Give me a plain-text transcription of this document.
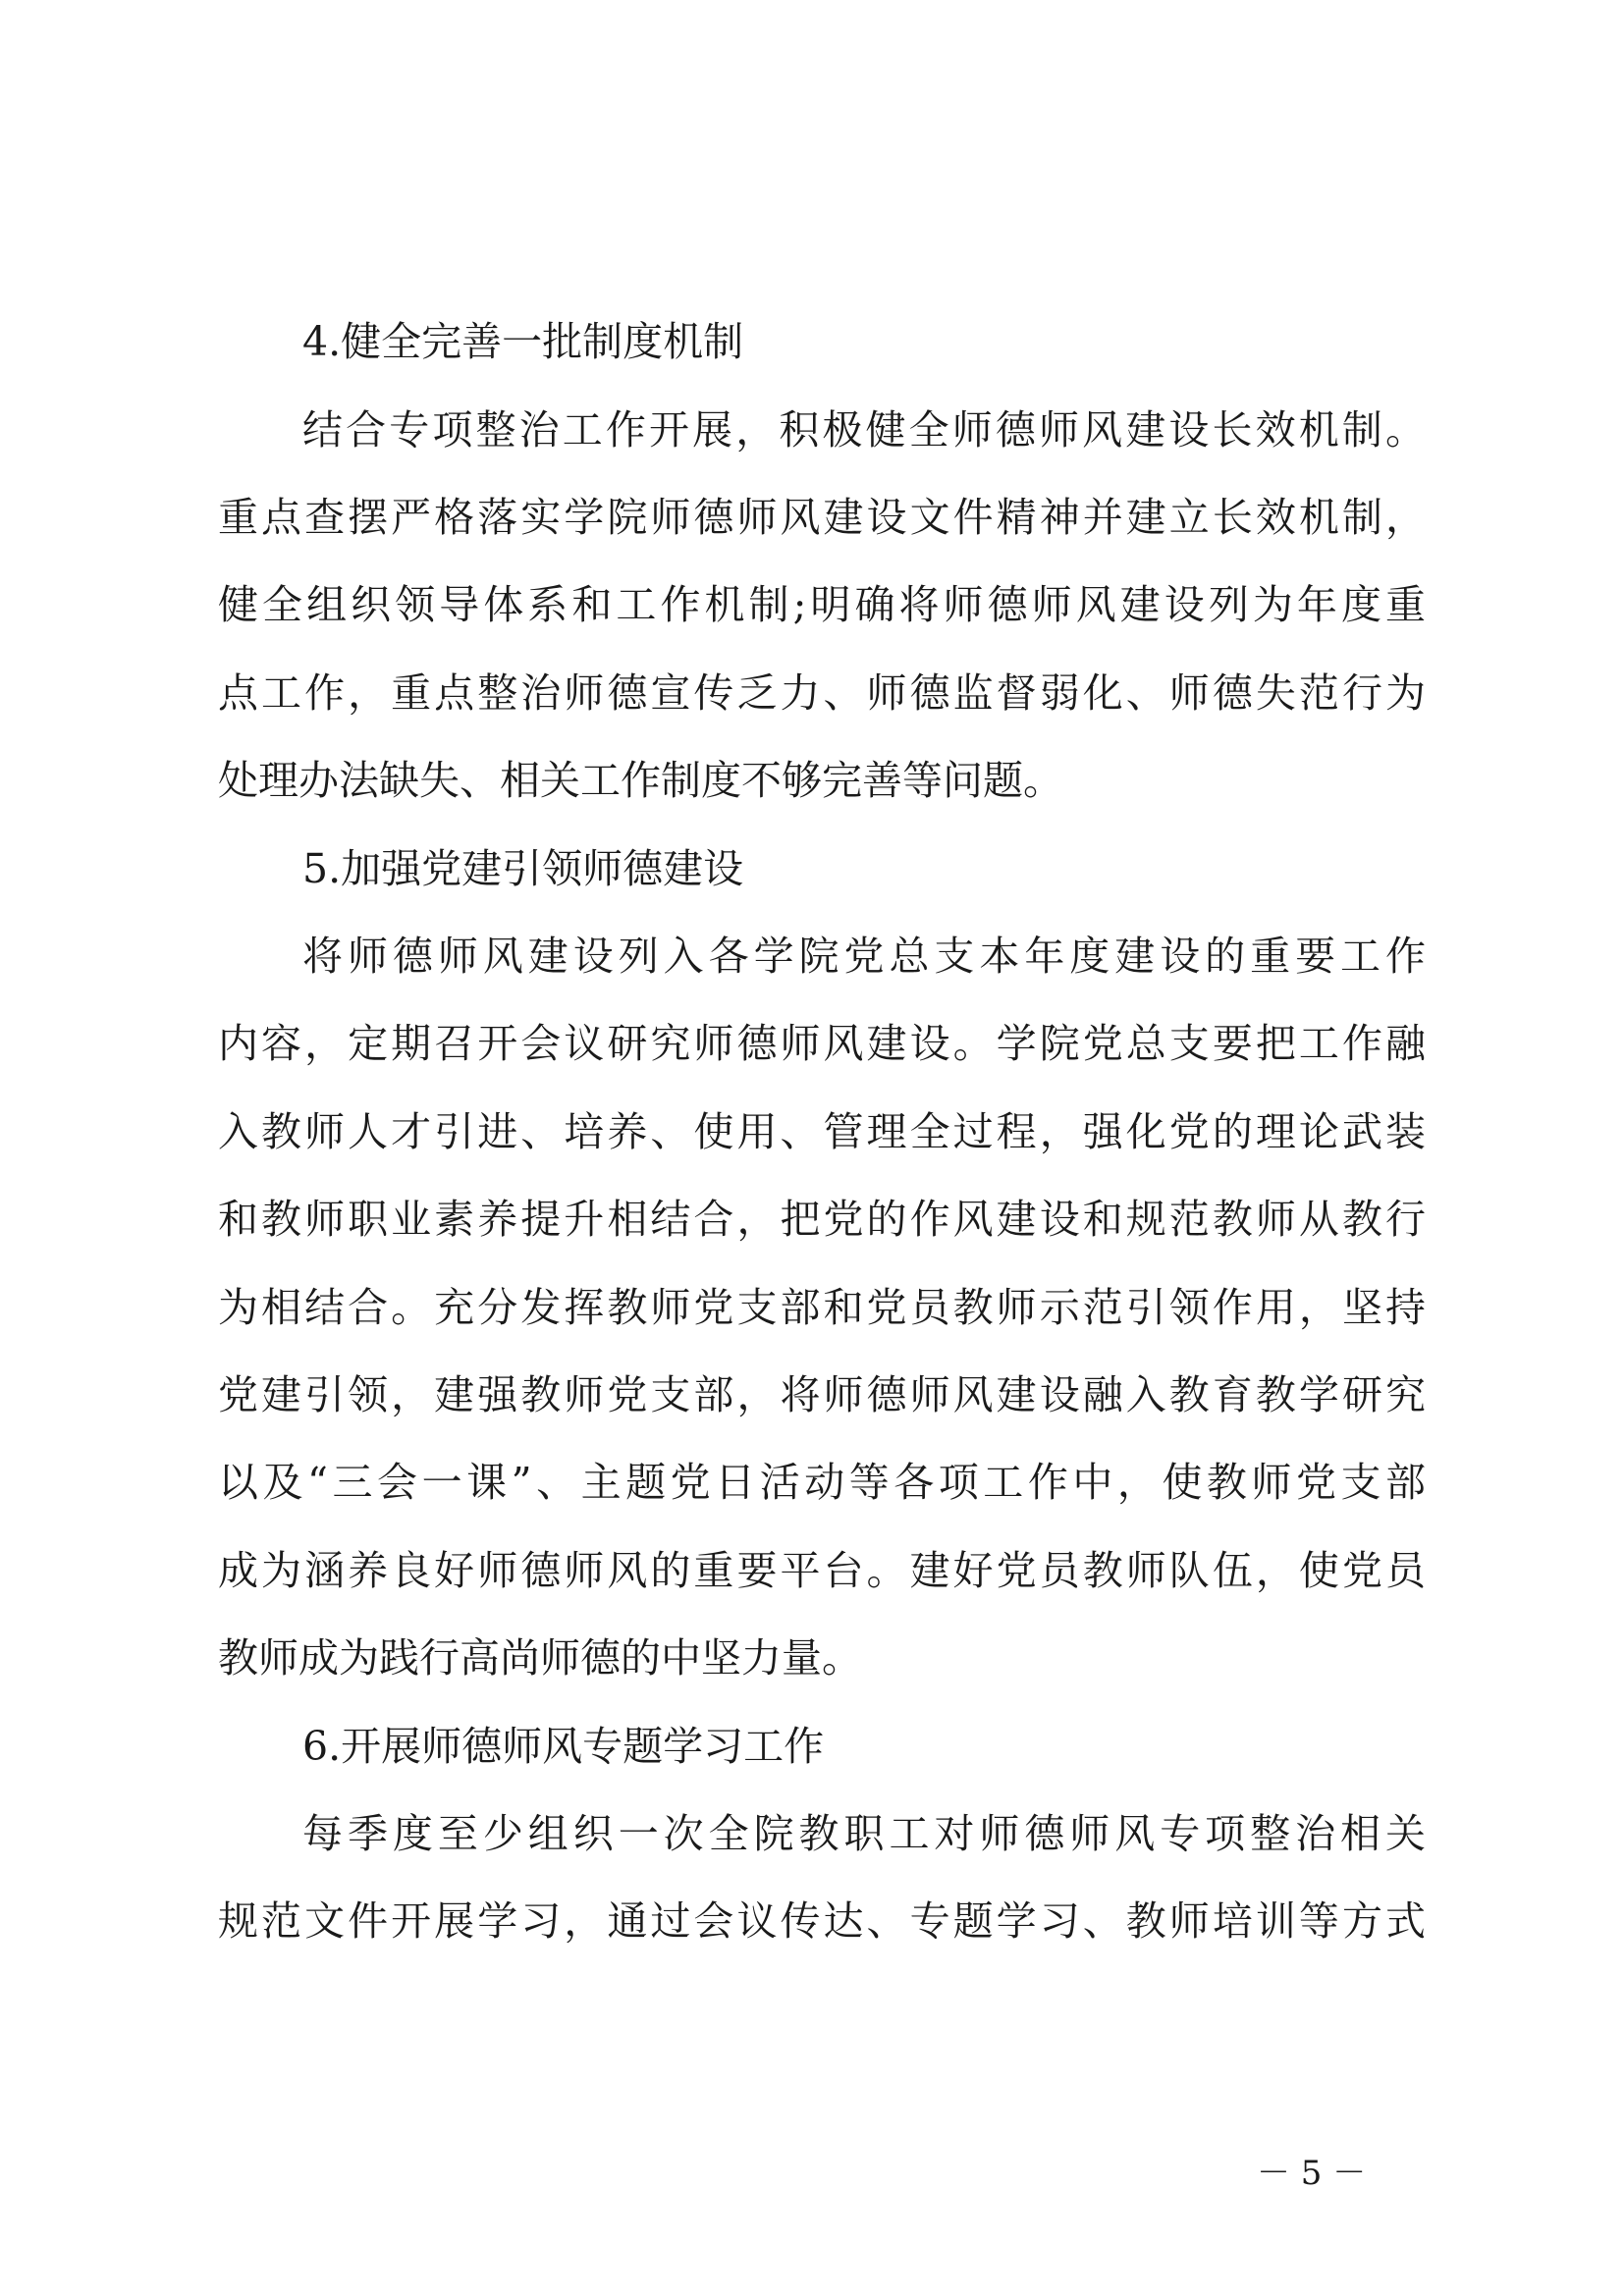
4.健全完善一批制度机制
结合专项整治工作开展，积极健全师德师风建设长效机制。
重点查摆严格落实学院师德师风建设文件精神并建立长效机制，
健全组织领导体系和工作机制;明确将师德师风建设列为年度重
点工作，重点整治师德宣传乏力、师德监督弱化、师德失范行为
处理办法缺失、相关工作制度不够完善等问题。
5.加强党建引领师德建设
将师德师风建设列入各学院党总支本年度建设的重要工作
内容，定期召开会议研究师德师风建设。学院党总支要把工作融
入教师人才引进、培养、使用、管理全过程，强化党的理论武装
和教师职业素养提升相结合，把党的作风建设和规范教师从教行
为相结合。充分发挥教师党支部和党员教师示范引领作用，坚持
党建引领，建强教师党支部，将师德师风建设融入教育教学研究
以及“三会一课”、主题党日活动等各项工作中，使教师党支部
成为涵养良好师德师风的重要平台。建好党员教师队伍，使党员
教师成为践行高尚师德的中坚力量。
6.开展师德师风专题学习工作
每季度至少组织一次全院教职工对师德师风专项整治相关
规范文件开展学习，通过会议传达、专题学习、教师培训等方式
－ 5 －
